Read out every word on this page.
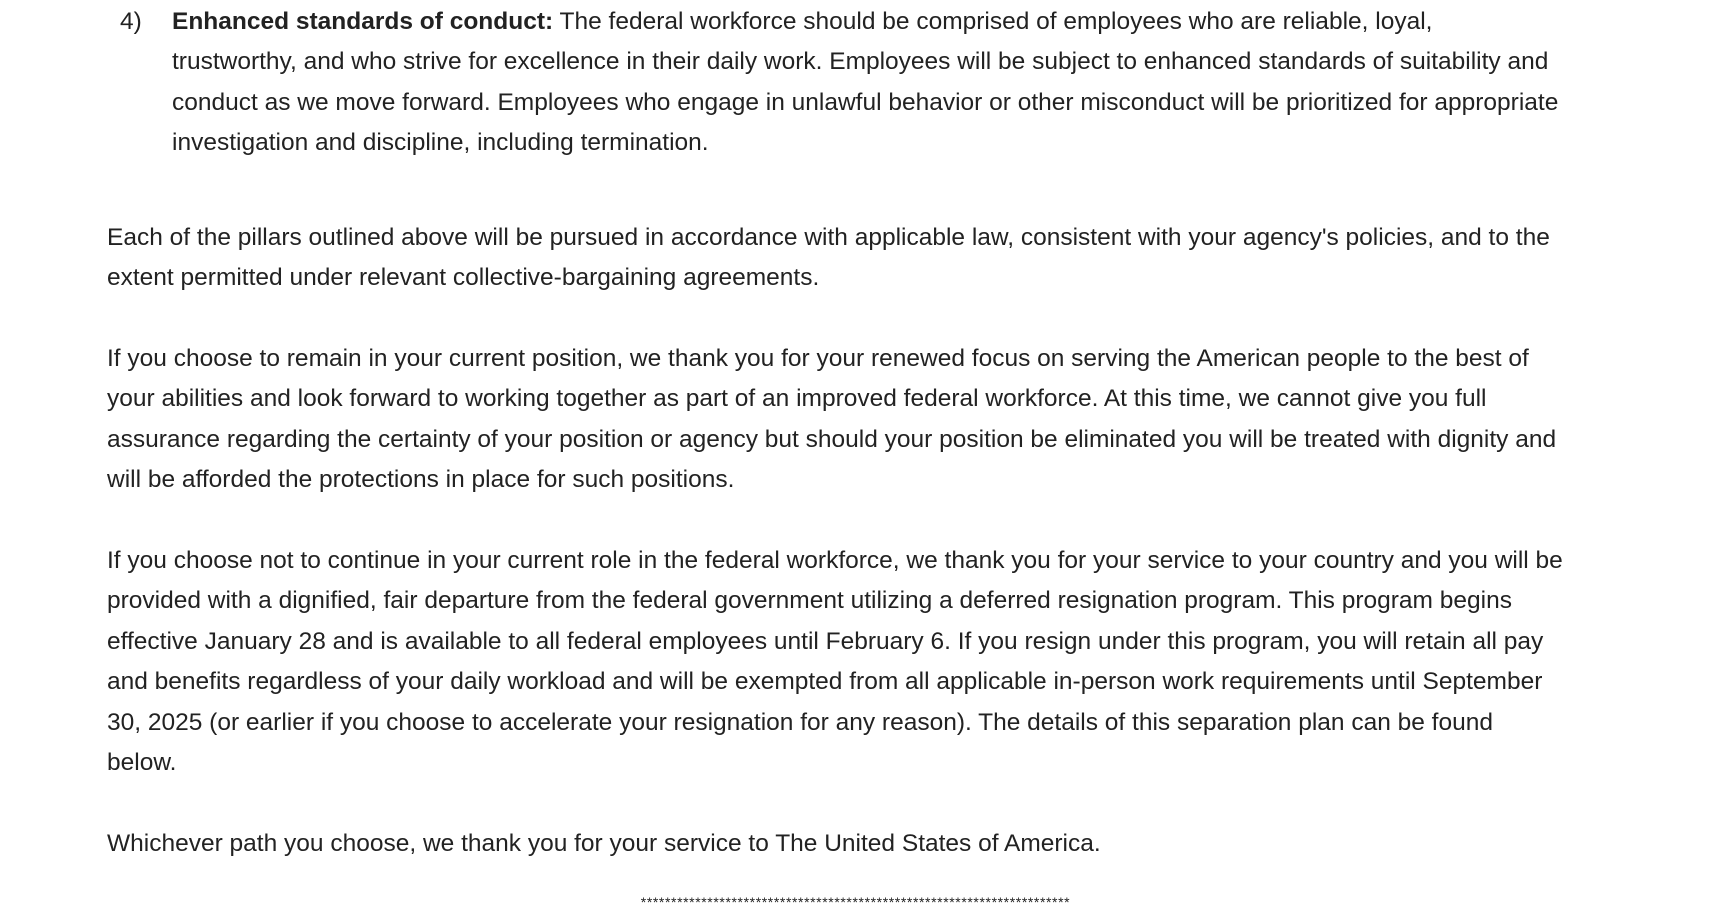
4)	Enhanced standards of conduct: The federal workforce should be comprised of employees who are reliable, loyal,
trustworthy, and who strive for excellence in their daily work. Employees will be subject to enhanced standards of suitability and
conduct as we move forward. Employees who engage in unlawful behavior or other misconduct will be prioritized for appropriate
investigation and discipline, including termination.
Each of the pillars outlined above will be pursued in accordance with applicable law, consistent with your agency's policies, and to the
extent permitted under relevant collective-bargaining agreements.
If you choose to remain in your current position, we thank you for your renewed focus on serving the American people to the best of
your abilities and look forward to working together as part of an improved federal workforce. At this time, we cannot give you full
assurance regarding the certainty of your position or agency but should your position be eliminated you will be treated with dignity and
will be afforded the protections in place for such positions.
If you choose not to continue in your current role in the federal workforce, we thank you for your service to your country and you will be
provided with a dignified, fair departure from the federal government utilizing a deferred resignation program. This program begins
effective January 28 and is available to all federal employees until February 6. If you resign under this program, you will retain all pay
and benefits regardless of your daily workload and will be exempted from all applicable in-person work requirements until September
30, 2025 (or earlier if you choose to accelerate your resignation for any reason). The details of this separation plan can be found
below.
Whichever path you choose, we thank you for your service to The United States of America.
***********************************************************************
